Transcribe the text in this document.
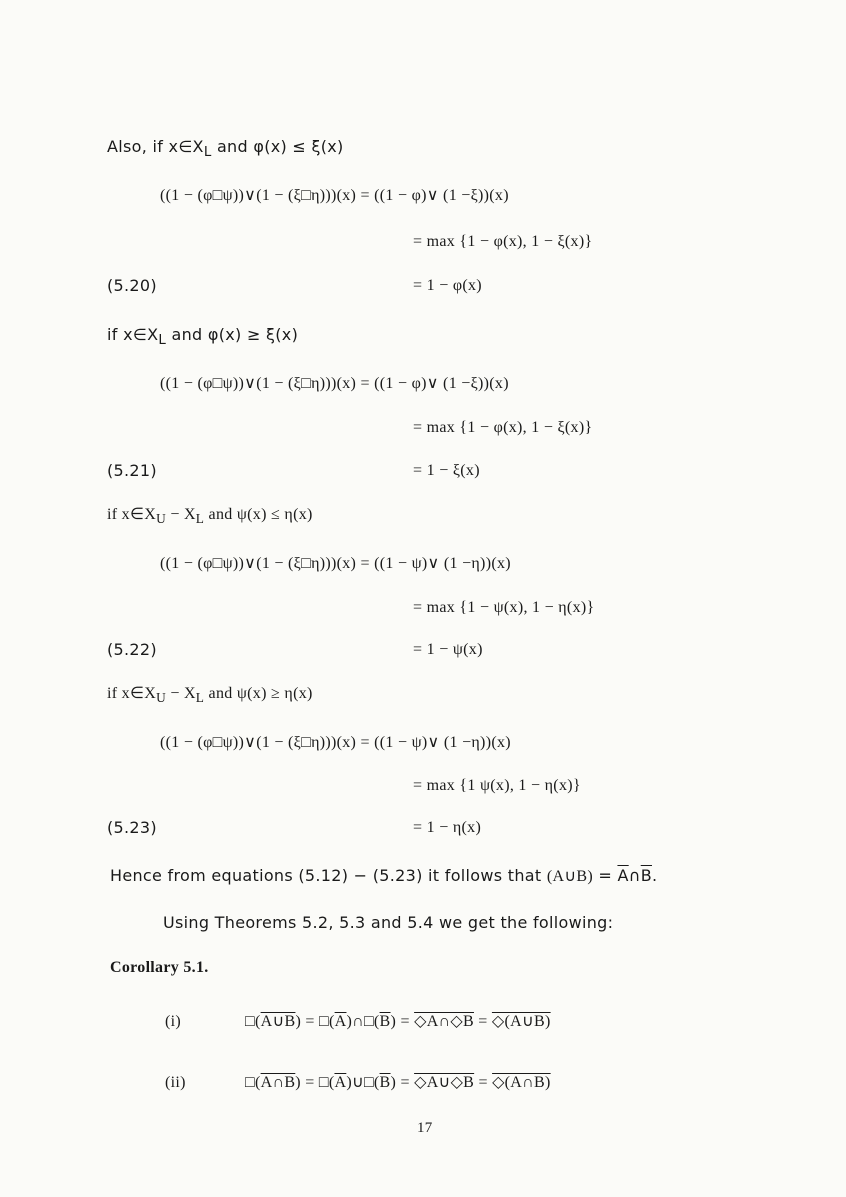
Also, if $x\in X_L$ and φ(x) ≤ ξ(x)
((1 − (φ□ψ))∨(1 − (ξ□η)))(x) = ((1 − φ)∨ (1 −ξ))(x)
= max {1 − φ(x), 1 − ξ(x)}
(5.20)	= 1 − φ(x)
if $x\in X_L$ and φ(x) ≥ ξ(x)
((1 − (φ□ψ))∨(1 − (ξ□η)))(x) = ((1 − φ)∨ (1 −ξ))(x)
= max {1 − φ(x), 1 − ξ(x)}
(5.21)	= 1 − ξ(x)
if $x\in X_U - X_L$ and ψ(x) ≤ η(x)
((1 − (φ□ψ))∨(1 − (ξ□η)))(x) = ((1 − ψ)∨ (1 −η))(x)
= max {1 − ψ(x), 1 − η(x)}
(5.22)	= 1 − ψ(x)
if $x\in X_U - X_L$ and ψ(x) ≥ η(x)
((1 − (φ□ψ))∨(1 − (ξ□η)))(x) = ((1 − ψ)∨ (1 −η))(x)
= max {1 ψ(x), 1 − η(x)}
(5.23)	= 1 − η(x)
Hence from equations (5.12) − (5.23) it follows that (A∪B) = $\overline{A}\cap\overline{B}$.
Using Theorems 5.2, 5.3 and 5.4 we get the following:
Corollary 5.1.
(i)	□(A∪B) = $□(\overline{A})\cap□(\overline{B})$ = ◇A∩◇B = ◇(A∪B)
(ii)	□(A∩B) = $□(\overline{A})\cup□(\overline{B})$ = ◇A∪◇B = ◇(A∩B)
17
